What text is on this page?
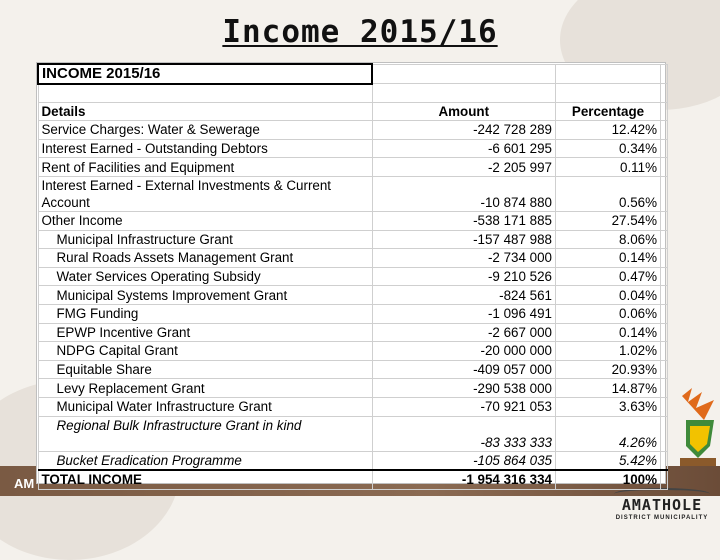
Income 2015/16
AM
AMATHOLE
DISTRICT MUNICIPALITY
INCOME 2015/16			

Details	Amount	Percentage	
Service Charges: Water & Sewerage	-242 728 289	12.42%	
Interest Earned - Outstanding Debtors	-6 601 295	0.34%	
Rent of Facilities and Equipment	-2 205 997	0.11%	
Interest Earned - External Investments & Current Account	-10 874 880	0.56%	
Other Income	-538 171 885	27.54%	
Municipal Infrastructure Grant	-157 487 988	8.06%	
Rural Roads Assets Management Grant	-2 734 000	0.14%	
Water Services Operating Subsidy	-9 210 526	0.47%	
Municipal Systems Improvement Grant	-824 561	0.04%	
FMG Funding	-1 096 491	0.06%	
EPWP Incentive Grant	-2 667 000	0.14%	
NDPG Capital Grant	-20 000 000	1.02%	
Equitable Share	-409 057 000	20.93%	
Levy Replacement Grant	-290 538 000	14.87%	
Municipal Water Infrastructure Grant	-70 921 053	3.63%	
Regional Bulk Infrastructure Grant in kind	-83 333 333	4.26%	
Bucket Eradication Programme	-105 864 035	5.42%	
TOTAL INCOME	-1 954 316 334	100%	
